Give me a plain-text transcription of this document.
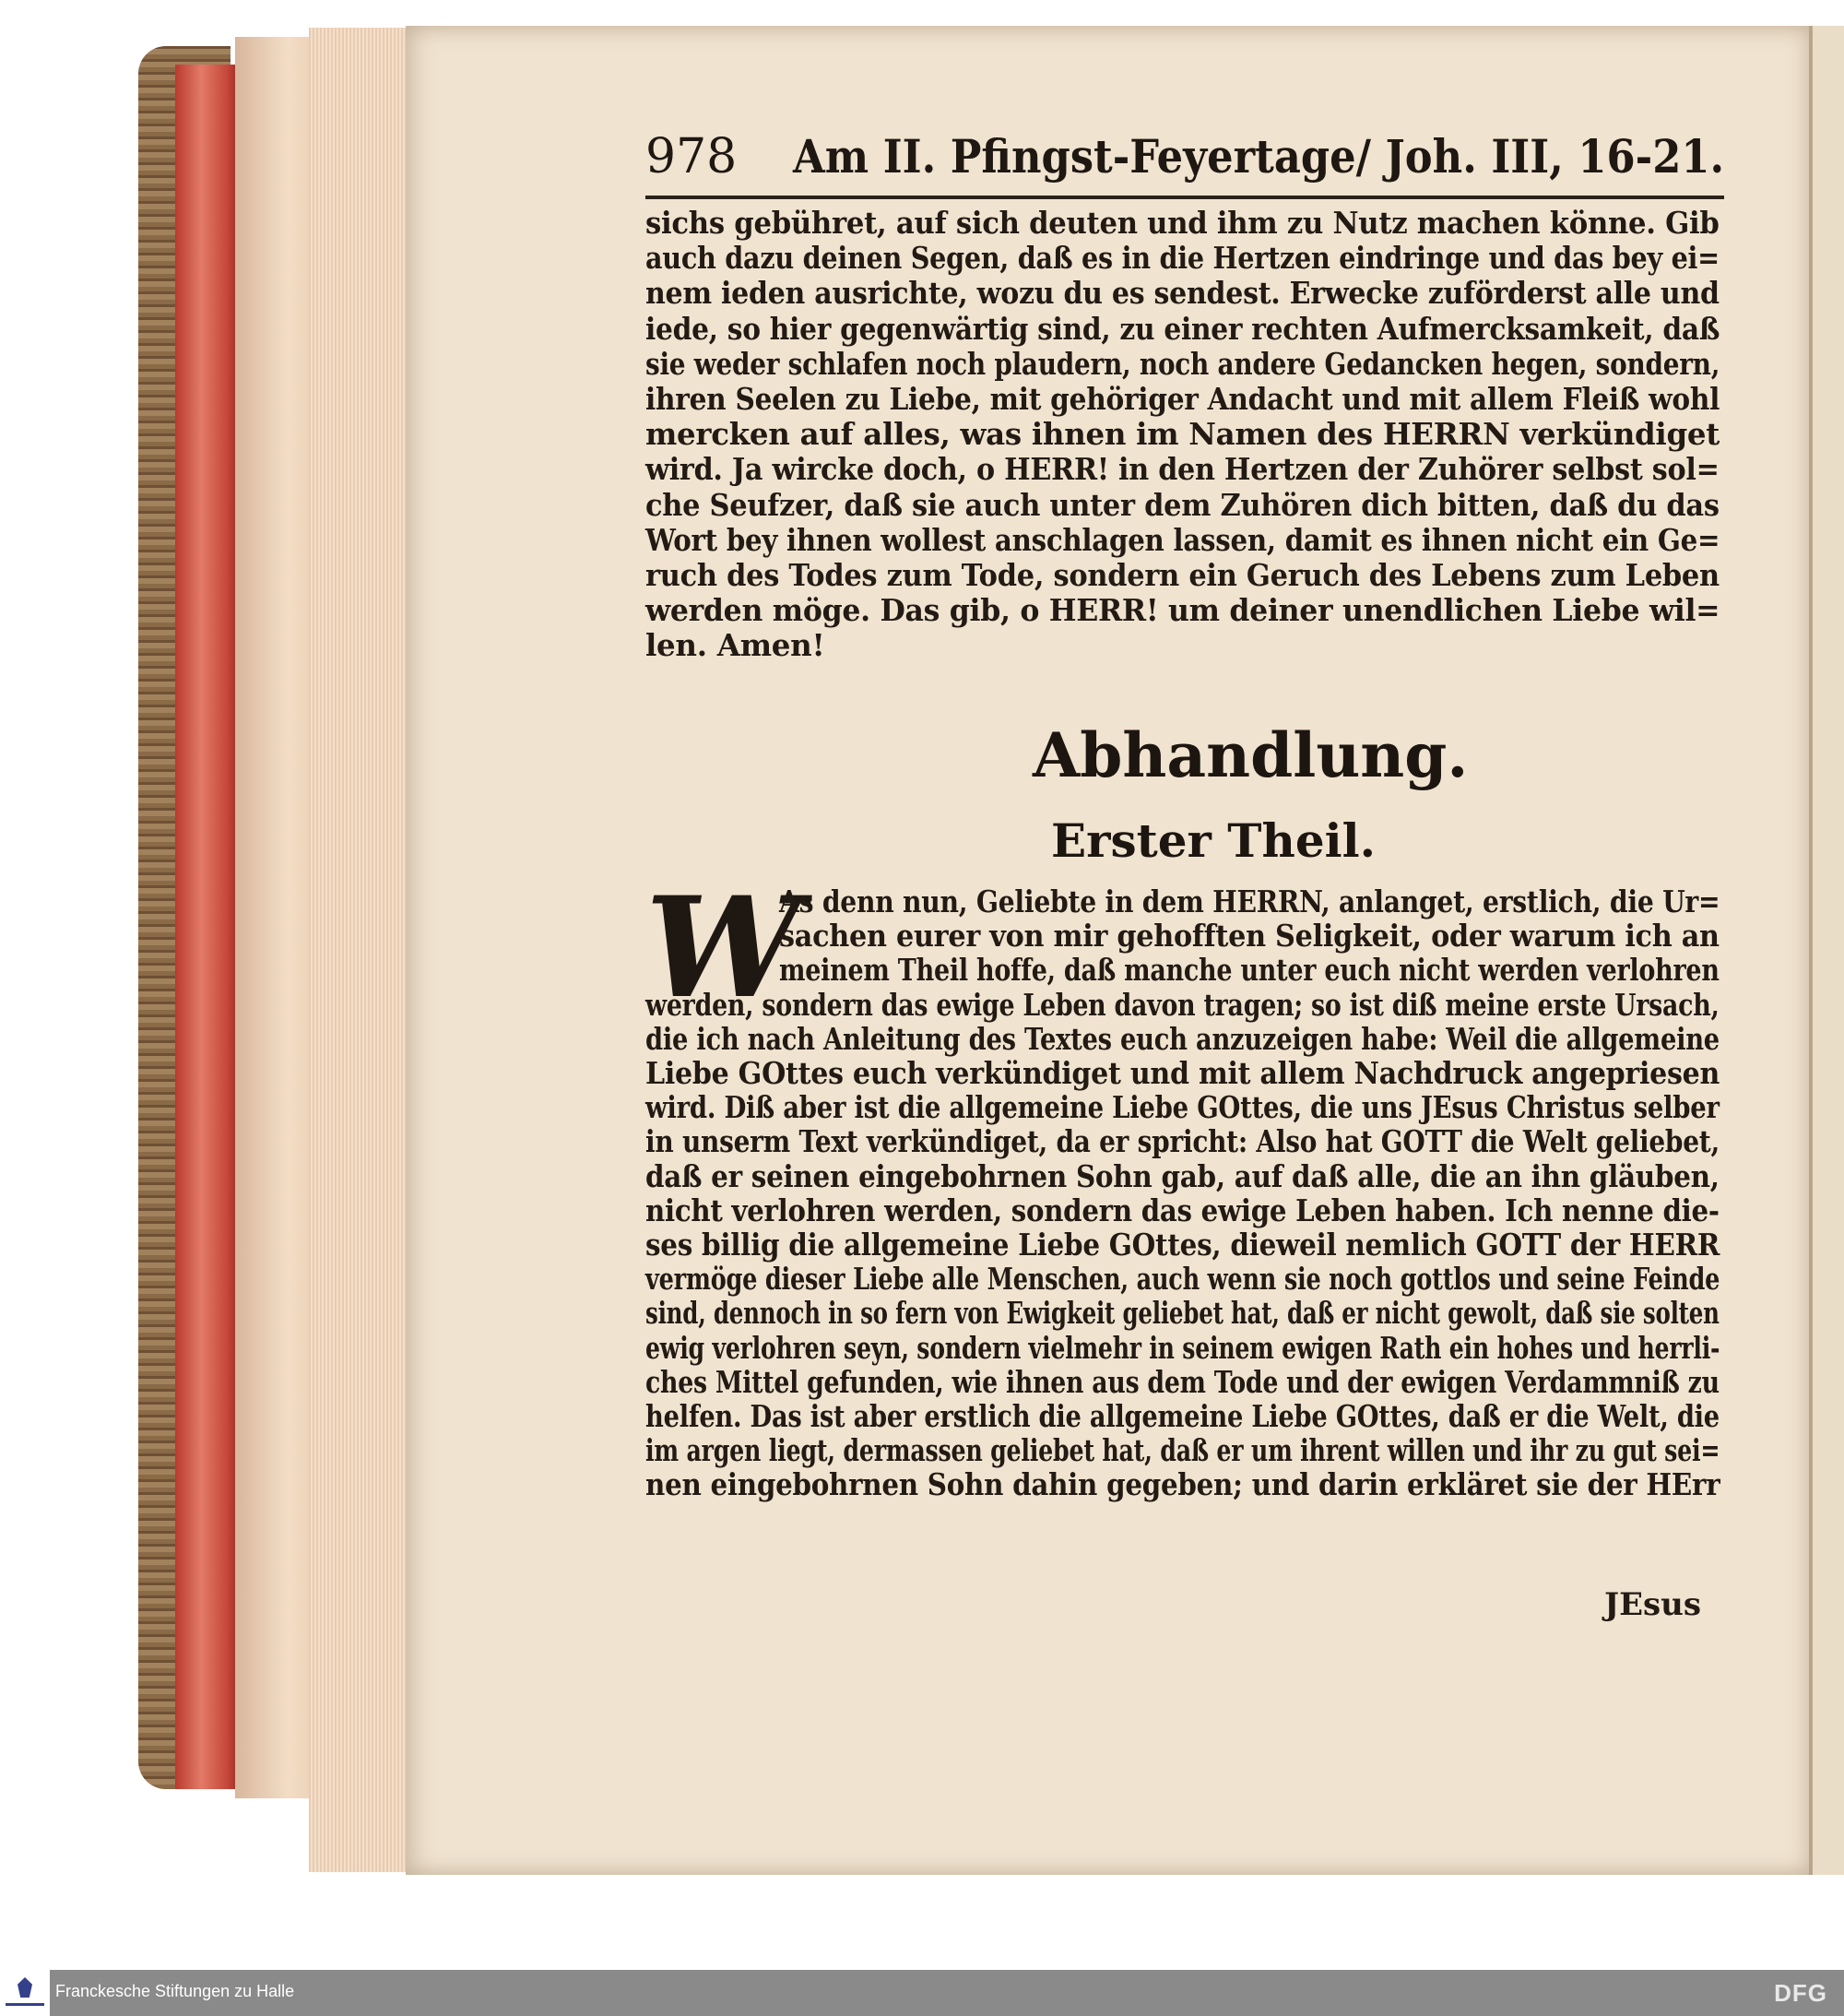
978 Am II. Pfingst-Feyertage/ Joh. III, 16-21.
sichs gebühret, auf sich deuten und ihm zu Nutz machen könne. Gib
auch dazu deinen Segen, daß es in die Hertzen eindringe und das bey ei=
nem ieden ausrichte, wozu du es sendest. Erwecke zuförderst alle und
iede, so hier gegenwärtig sind, zu einer rechten Aufmercksamkeit, daß
sie weder schlafen noch plaudern, noch andere Gedancken hegen, sondern,
ihren Seelen zu Liebe, mit gehöriger Andacht und mit allem Fleiß wohl
mercken auf alles, was ihnen im Namen des HERRN verkündiget
wird. Ja wircke doch, o HERR! in den Hertzen der Zuhörer selbst sol=
che Seufzer, daß sie auch unter dem Zuhören dich bitten, daß du das
Wort bey ihnen wollest anschlagen lassen, damit es ihnen nicht ein Ge=
ruch des Todes zum Tode, sondern ein Geruch des Lebens zum Leben
werden möge. Das gib, o HERR! um deiner unendlichen Liebe wil=
len. Amen!
Abhandlung.
Erster Theil.
W
As denn nun, Geliebte in dem HERRN, anlanget, erstlich, die Ur=
sachen eurer von mir gehofften Seligkeit, oder warum ich an
meinem Theil hoffe, daß manche unter euch nicht werden verlohren
werden, sondern das ewige Leben davon tragen; so ist diß meine erste Ursach,
die ich nach Anleitung des Textes euch anzuzeigen habe: Weil die allgemeine
Liebe GOttes euch verkündiget und mit allem Nachdruck angepriesen
wird. Diß aber ist die allgemeine Liebe GOttes, die uns JEsus Christus selber
in unserm Text verkündiget, da er spricht: Also hat GOTT die Welt geliebet,
daß er seinen eingebohrnen Sohn gab, auf daß alle, die an ihn gläuben,
nicht verlohren werden, sondern das ewige Leben haben. Ich nenne die-
ses billig die allgemeine Liebe GOttes, dieweil nemlich GOTT der HERR
vermöge dieser Liebe alle Menschen, auch wenn sie noch gottlos und seine Feinde
sind, dennoch in so fern von Ewigkeit geliebet hat, daß er nicht gewolt, daß sie solten
ewig verlohren seyn, sondern vielmehr in seinem ewigen Rath ein hohes und herrli-
ches Mittel gefunden, wie ihnen aus dem Tode und der ewigen Verdammniß zu
helfen. Das ist aber erstlich die allgemeine Liebe GOttes, daß er die Welt, die
im argen liegt, dermassen geliebet hat, daß er um ihrent willen und ihr zu gut sei=
nen eingebohrnen Sohn dahin gegeben; und darin erkläret sie der HErr
JEsus
Franckesche Stiftungen zu Halle	DFG
